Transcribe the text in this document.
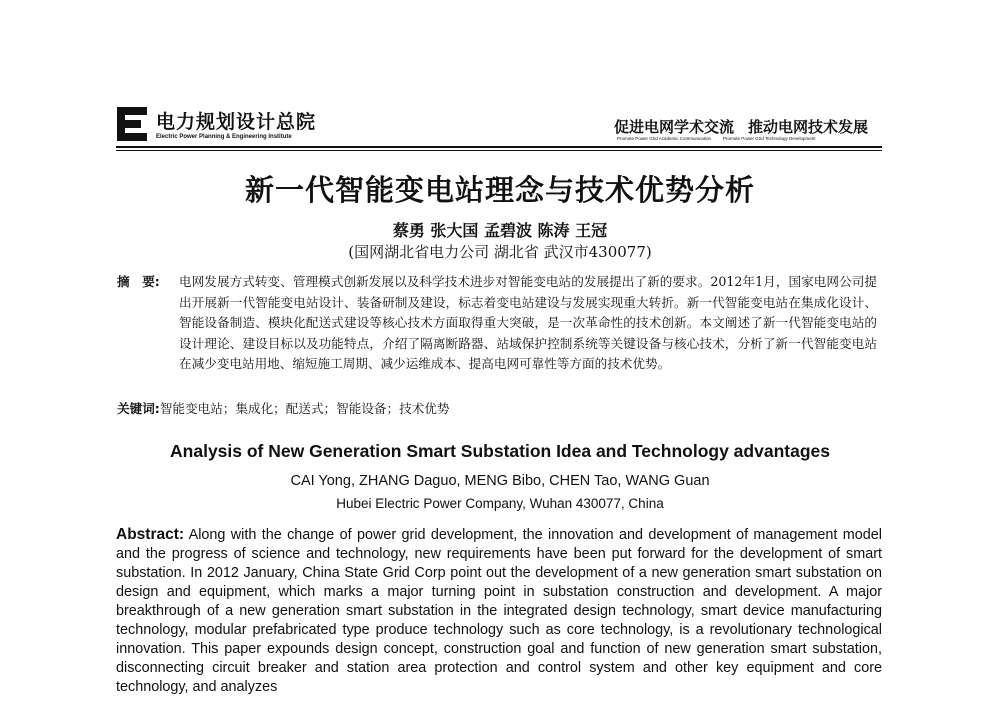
电力规划设计总院
Electric Power Planning & Engineering Institute
促进电网学术交流 推动电网技术发展
Promote Power Grid Academic Communication	Promote Power Grid Technology Development
新一代智能变电站理念与技术优势分析
蔡勇 张大国 孟碧波 陈涛 王冠
(国网湖北省电力公司 湖北省 武汉市430077)
摘　要:	电网发展方式转变、管理模式创新发展以及科学技术进步对智能变电站的发展提出了新的要求。2012年1月，国家电网公司提出开展新一代智能变电站设计、装备研制及建设，标志着变电站建设与发展实现重大转折。新一代智能变电站在集成化设计、智能设备制造、模块化配送式建设等核心技术方面取得重大突破，是一次革命性的技术创新。本文阐述了新一代智能变电站的设计理论、建设目标以及功能特点，介绍了隔离断路器、站域保护控制系统等关键设备与核心技术，分析了新一代智能变电站在减少变电站用地、缩短施工周期、减少运维成本、提高电网可靠性等方面的技术优势。
关键词:智能变电站；集成化；配送式；智能设备；技术优势
Analysis of New Generation Smart Substation Idea and Technology advantages
CAI Yong, ZHANG Daguo, MENG Bibo, CHEN Tao, WANG Guan
Hubei Electric Power Company, Wuhan 430077, China
Abstract: Along with the change of power grid development, the innovation and development of management model and the progress of science and technology, new requirements have been put forward for the development of smart substation. In 2012 January, China State Grid Corp point out the development of a new generation smart substation on design and equipment, which marks a major turning point in substation construction and development. A major breakthrough of a new generation smart substation in the integrated design technology, smart device manufacturing technology, modular prefabricated type produce technology such as core technology, is a revolutionary technological innovation. This paper expounds design concept, construction goal and function of new generation smart substation, disconnecting circuit breaker and station area protection and control system and other key equipment and core technology, and analyzes
